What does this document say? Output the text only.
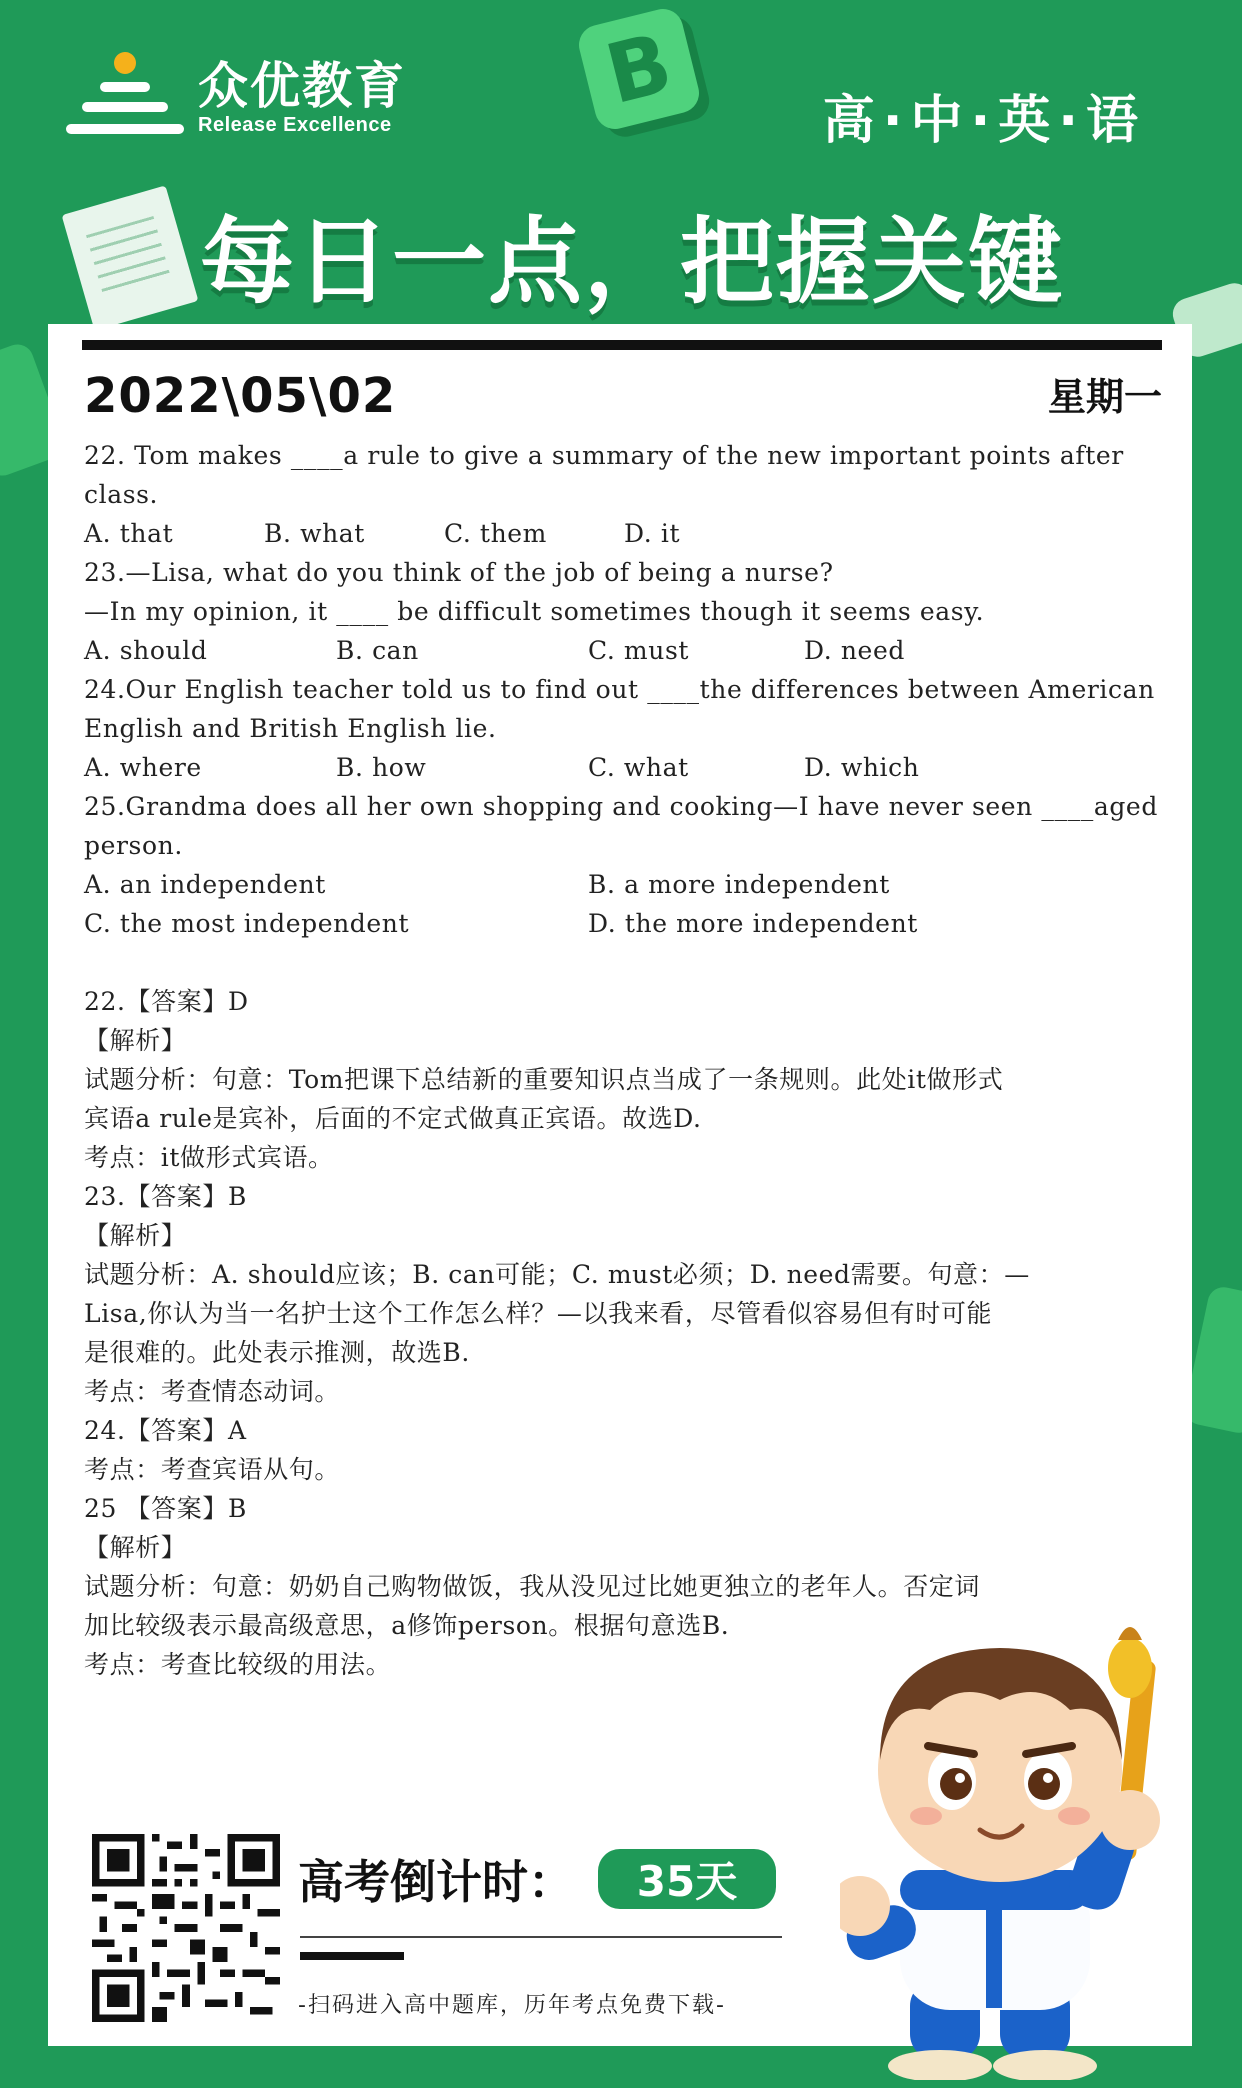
众优教育
Release Excellence
B	高·中·英·语
每日一点，把握关键
2022\05\02	星期一

22. Tom makes ____a rule to give a summary of the new important points after

class.

A. that	B. what	C. them	D. it

23.—Lisa, what do you think of the job of being a nurse?

—In my opinion, it ____ be difficult sometimes though it seems easy.

A. should	B. can	C. must	D. need

24.Our English teacher told us to find out ____the differences between American

English and British English lie.

A. where	B. how	C. what	D. which

25.Grandma does all her own shopping and cooking—I have never seen ____aged

person.

A. an independent	B. a more independent
C. the most independent	D. the more independent

22.【答案】D

【解析】

试题分析：句意：Tom把课下总结新的重要知识点当成了一条规则。此处it做形式

宾语a rule是宾补，后面的不定式做真正宾语。故选D.

考点：it做形式宾语。

23.【答案】B

【解析】

试题分析：A. should应该；B. can可能；C. must必须；D. need需要。句意：—

Lisa,你认为当一名护士这个工作怎么样？—以我来看，尽管看似容易但有时可能

是很难的。此处表示推测，故选B.

考点：考查情态动词。

24.【答案】A

考点：考查宾语从句。

25 【答案】B

【解析】

试题分析：句意：奶奶自己购物做饭，我从没见过比她更独立的老年人。否定词

加比较级表示最高级意思，a修饰person。根据句意选B.

考点：考查比较级的用法。

高考倒计时：	35天
-扫码进入高中题库，历年考点免费下载-
